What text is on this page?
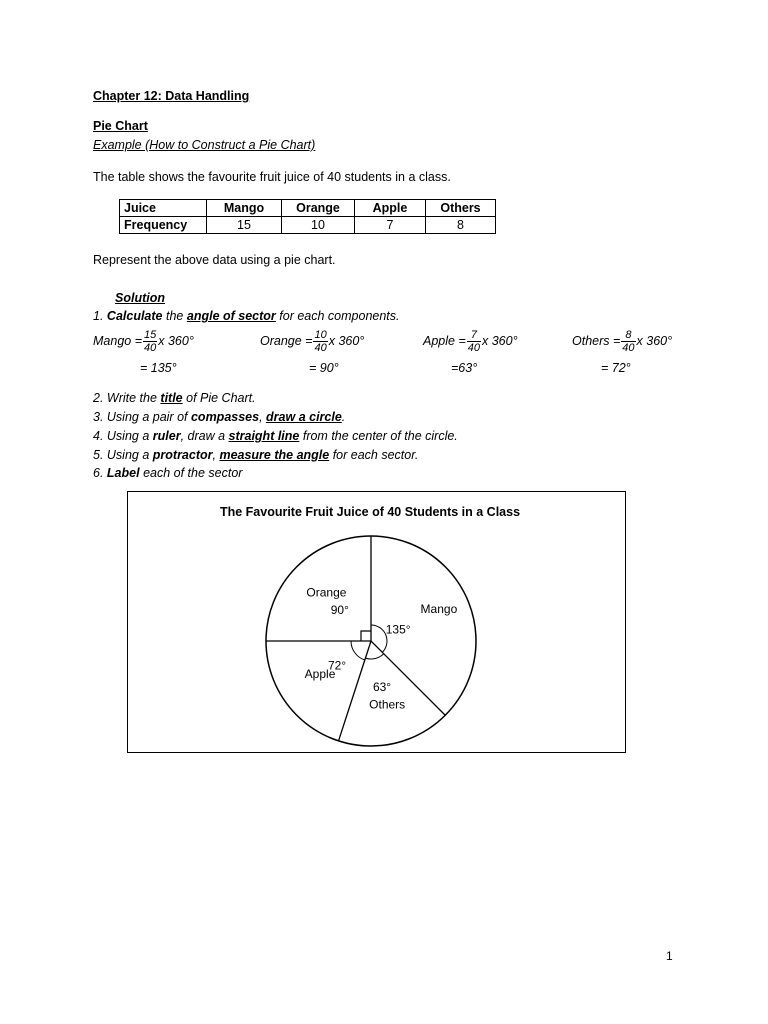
Chapter 12: Data Handling
Pie Chart
Example (How to Construct a Pie Chart)
The table shows the favourite fruit juice of 40 students in a class.
Juice	Mango	Orange	Apple	Others
Frequency	15	10	7	8
Represent the above data using a pie chart.
Solution
1. Calculate the angle of sector for each components.
Mango = $\frac{15}{40}$ x 360°	Orange = $\frac{10}{40}$ x 360°	Apple = $\frac{7}{40}$ x 360°	Others = $\frac{8}{40}$ x 360°
= 135°	= 90°	=63°	= 72°
2. Write the title of Pie Chart.
3. Using a pair of compasses, draw a circle.
4. Using a ruler, draw a straight line from the center of the circle.
5. Using a protractor, measure the angle for each sector.
6. Label each of the sector
The Favourite Fruit Juice of 40 Students in a Class
Mango
135°
Others
63°
Apple
72°
Orange
90°
1
